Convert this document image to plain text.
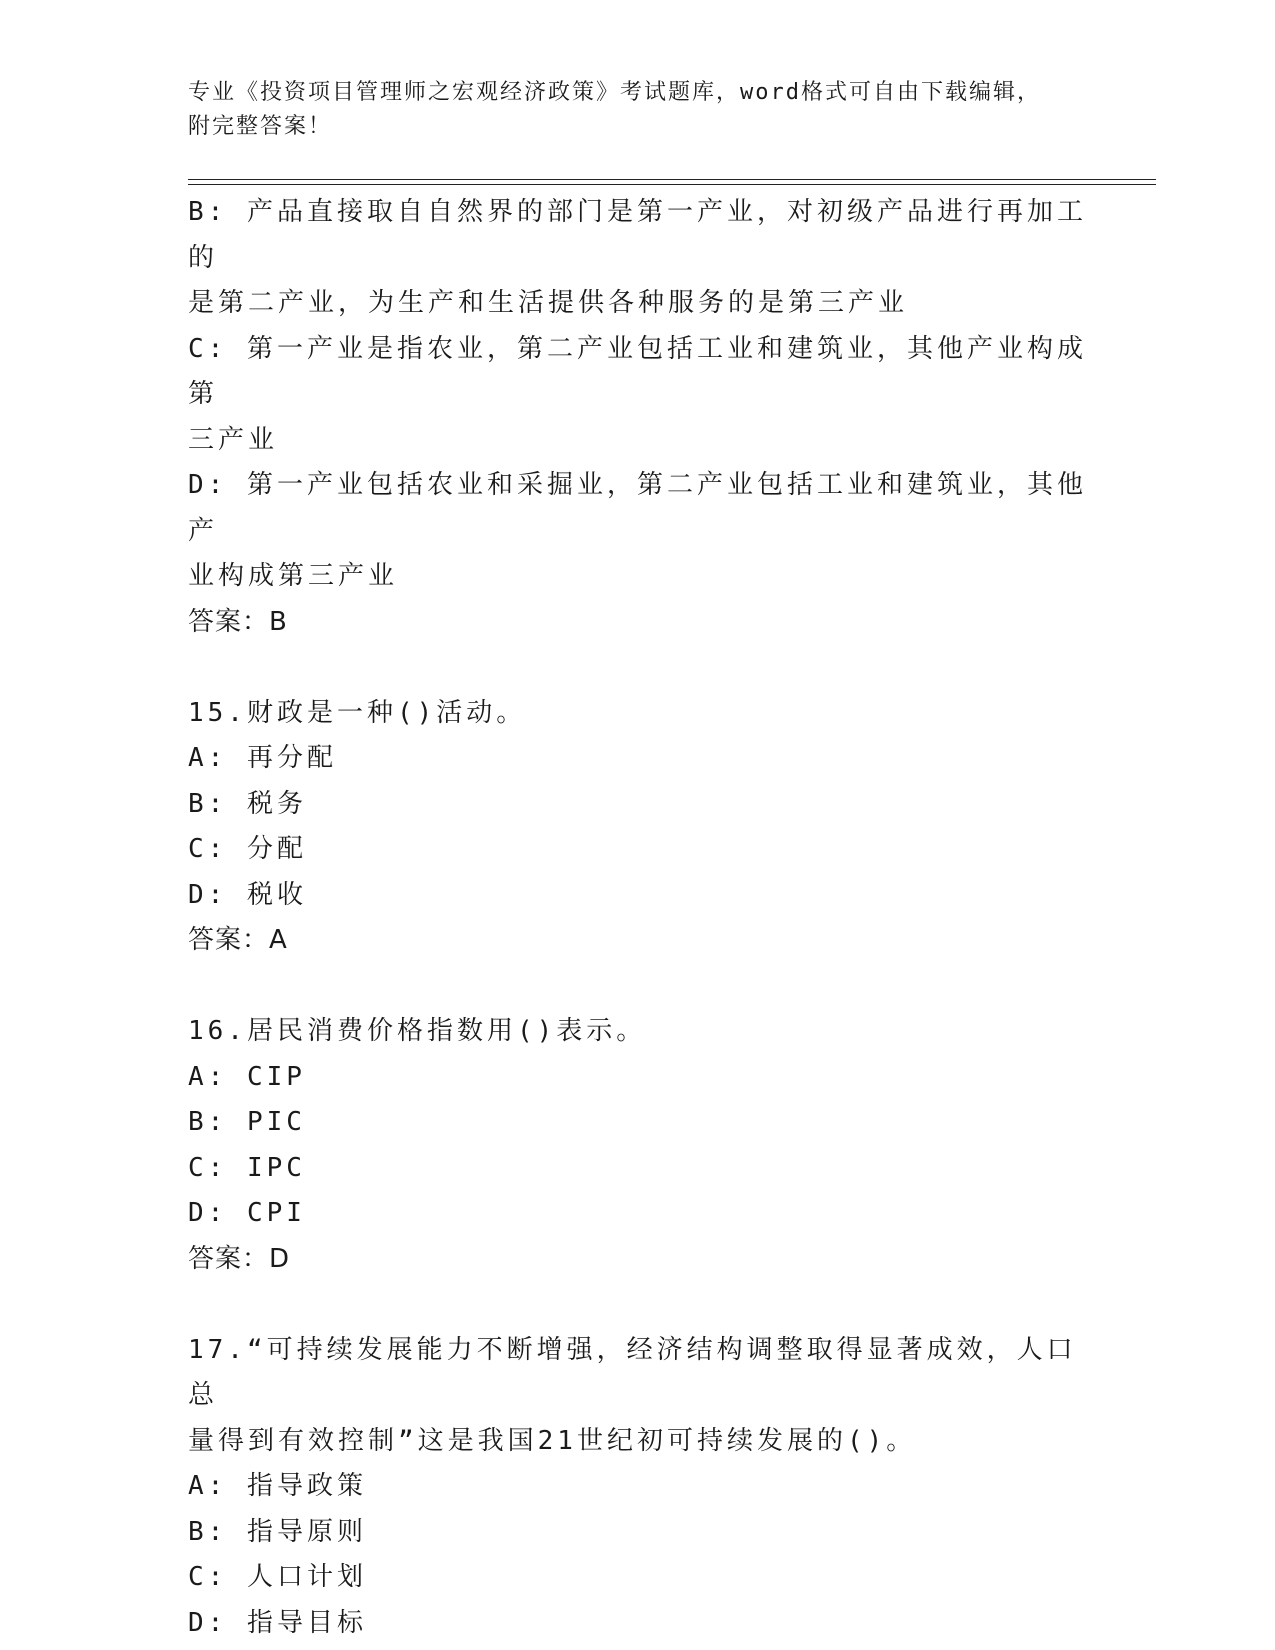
专业《投资项目管理师之宏观经济政策》考试题库，word格式可自由下载编辑，
附完整答案！
B: 产品直接取自自然界的部门是第一产业，对初级产品进行再加工的
是第二产业，为生产和生活提供各种服务的是第三产业
C: 第一产业是指农业，第二产业包括工业和建筑业，其他产业构成第
三产业
D: 第一产业包括农业和采掘业，第二产业包括工业和建筑业，其他产
业构成第三产业
答案：B
15.财政是一种()活动。
A: 再分配
B: 税务
C: 分配
D: 税收
答案：A
16.居民消费价格指数用()表示。
A: CIP
B: PIC
C: IPC
D: CPI
答案：D
17.“可持续发展能力不断增强，经济结构调整取得显著成效，人口总
量得到有效控制”这是我国21世纪初可持续发展的()。
A: 指导政策
B: 指导原则
C: 人口计划
D: 指导目标
